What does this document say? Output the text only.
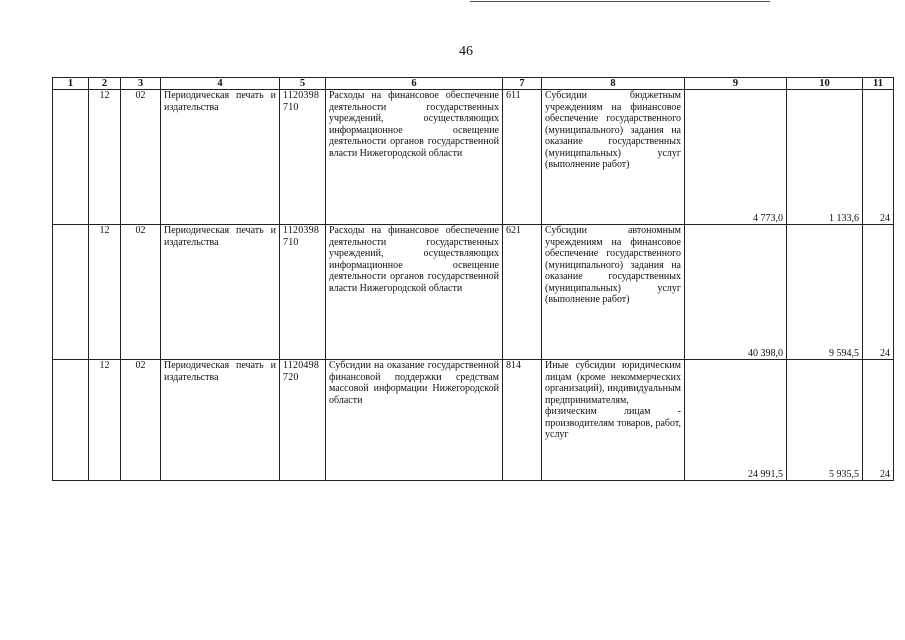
46
1	2	3	4	5	6	7	8	9	10	11
	12	02	Периодическая печать и издательства	1120398710	Расходы на финансовое обеспечение деятельности государственных учреждений, осуществляющих информационное освещение деятельности органов государственной власти Нижегородской области	611	Субсидии бюджетным учреждениям на финансовое обеспечение государственного (муниципального) задания на оказание государственных (муниципальных) услуг (выполнение работ)	4 773,0	1 133,6	24
	12	02	Периодическая печать и издательства	1120398710	Расходы на финансовое обеспечение деятельности государственных учреждений, осуществляющих информационное освещение деятельности органов государственной власти Нижегородской области	621	Субсидии автономным учреждениям на финансовое обеспечение государственного (муниципального) задания на оказание государственных (муниципальных) услуг (выполнение работ)	40 398,0	9 594,5	24
	12	02	Периодическая печать и издательства	1120498720	Субсидии на оказание государственной финансовой поддержки средствам массовой информации Нижегородской области	814	Иные субсидии юридическим лицам (кроме некоммерческих организаций), индивидуальным предпринимателям, физическим лицам - производителям товаров, работ, услуг	24 991,5	5 935,5	24
